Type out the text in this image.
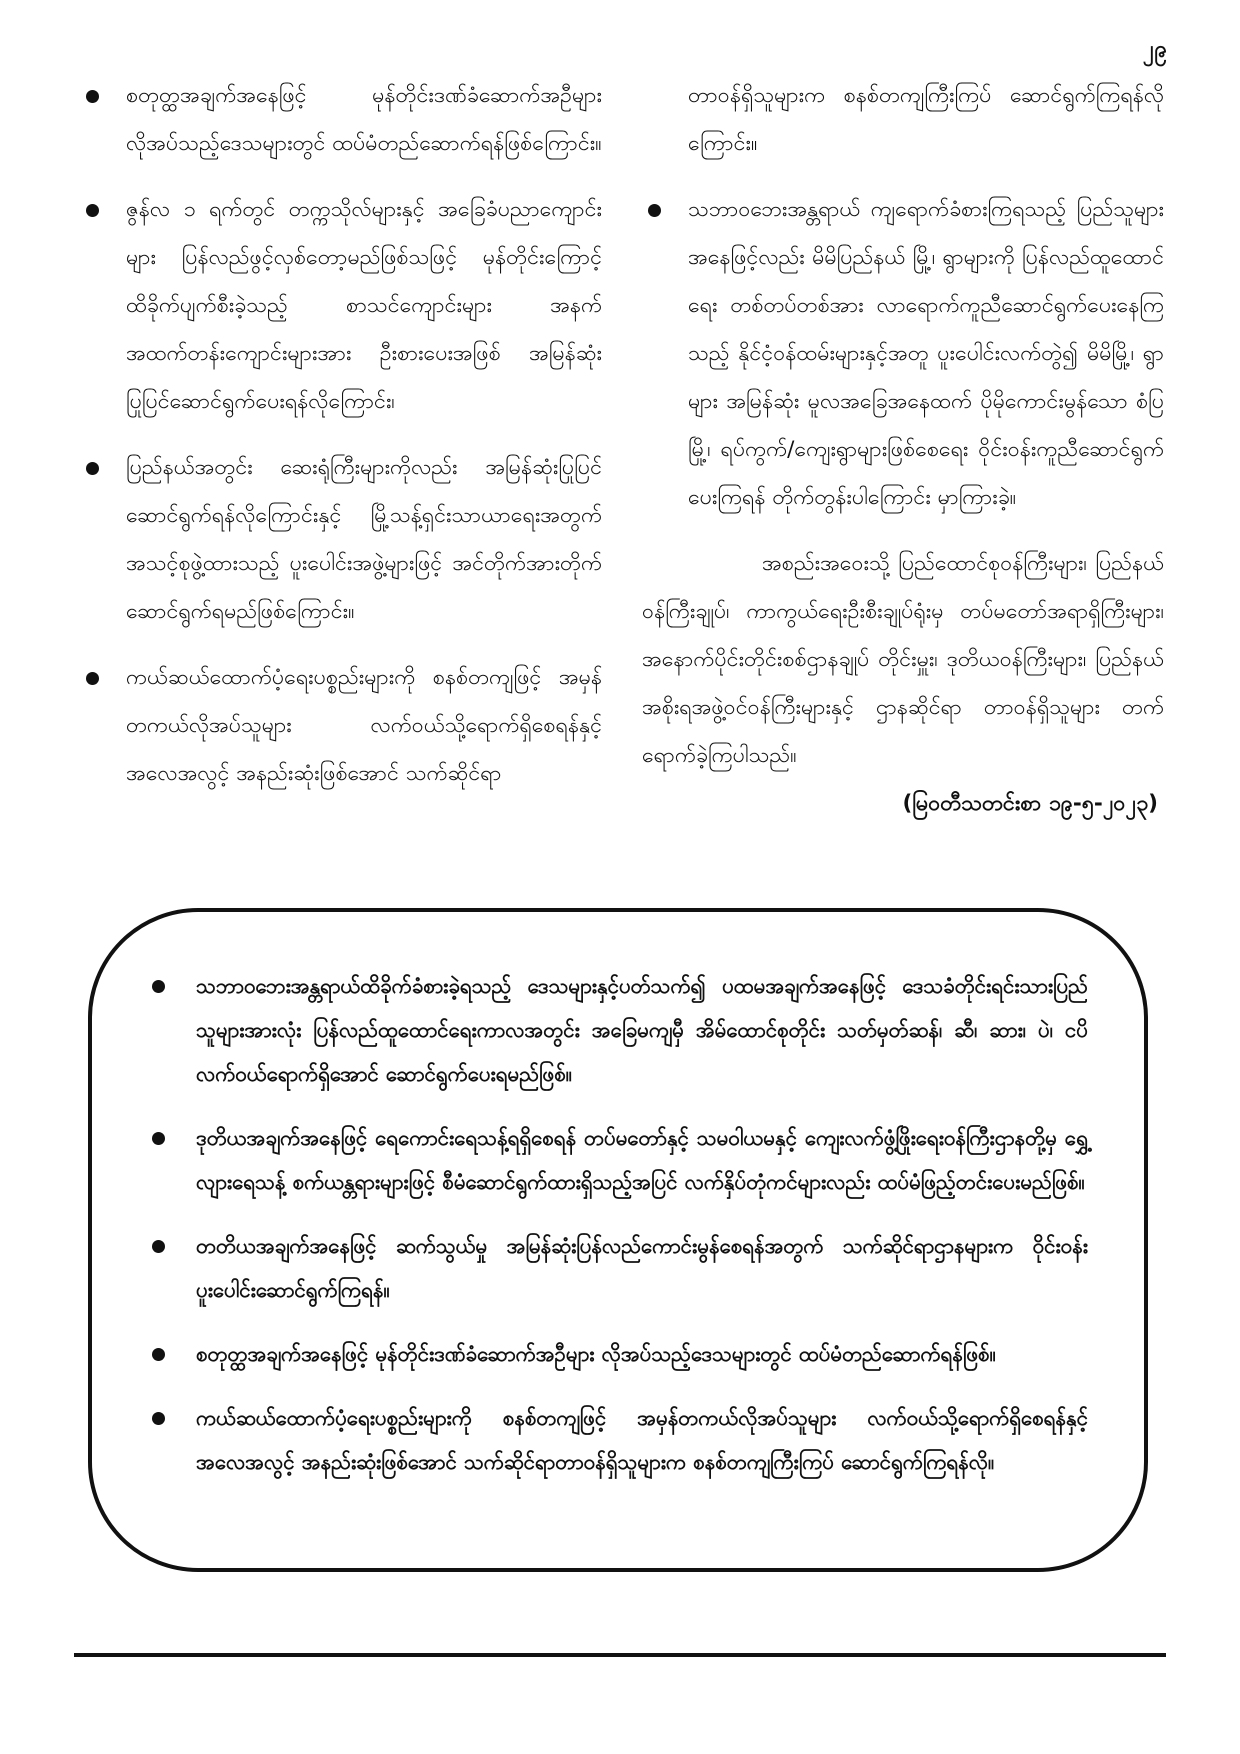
၂၉
စတုတ္ထအချက်အနေဖြင့် မုန်တိုင်းဒဏ်ခံဆောက်အဦများ လိုအပ်သည့်ဒေသများတွင် ထပ်မံတည်ဆောက်ရန်ဖြစ်ကြောင်း။
ဇွန်လ ၁ ရက်တွင် တက္ကသိုလ်များနှင့် အခြေခံပညာကျောင်းများ ပြန်လည်ဖွင့်လှစ်တော့မည်ဖြစ်သဖြင့် မုန်တိုင်းကြောင့် ထိခိုက်ပျက်စီးခဲ့သည့် စာသင်ကျောင်းများ အနက် အထက်တန်းကျောင်းများအား ဦးစားပေးအဖြစ် အမြန်ဆုံးပြုပြင်ဆောင်ရွက်ပေးရန်လိုကြောင်း၊
ပြည်နယ်အတွင်း ဆေးရုံကြီးများကိုလည်း အမြန်ဆုံးပြုပြင်ဆောင်ရွက်ရန်လိုကြောင်းနှင့် မြို့သန့်ရှင်းသာယာရေးအတွက် အသင့်စုဖွဲ့ထားသည့် ပူးပေါင်းအဖွဲ့များဖြင့် အင်တိုက်အားတိုက် ဆောင်ရွက်ရမည်ဖြစ်ကြောင်း။
ကယ်ဆယ်ထောက်ပံ့ရေးပစ္စည်းများကို စနစ်တကျဖြင့် အမှန်တကယ်လိုအပ်သူများ လက်ဝယ်သို့ရောက်ရှိစေရန်နှင့် အလေအလွင့် အနည်းဆုံးဖြစ်အောင် သက်ဆိုင်ရာ
တာဝန်ရှိသူများက စနစ်တကျကြီးကြပ် ဆောင်ရွက်ကြရန်လိုကြောင်း။
သဘာဝဘေးအန္တရာယ် ကျရောက်ခံစားကြရသည့် ပြည်သူများအနေဖြင့်လည်း မိမိပြည်နယ် မြို့၊ ရွာများကို ပြန်လည်ထူထောင်ရေး တစ်တပ်တစ်အား လာရောက်ကူညီဆောင်ရွက်ပေးနေကြသည့် နိုင်ငံ့ဝန်ထမ်းများနှင့်အတူ ပူးပေါင်းလက်တွဲ၍ မိမိမြို့၊ ရွာများ အမြန်ဆုံး မူလအခြေအနေထက် ပိုမိုကောင်းမွန်သော စံပြမြို့၊ ရပ်ကွက်/ကျေးရွာများဖြစ်စေရေး ဝိုင်းဝန်းကူညီဆောင်ရွက်ပေးကြရန် တိုက်တွန်းပါကြောင်း မှာကြားခဲ့။

အစည်းအဝေးသို့ ပြည်ထောင်စုဝန်ကြီးများ၊ ပြည်နယ်ဝန်ကြီးချုပ်၊ ကာကွယ်ရေးဦးစီးချုပ်ရုံးမှ တပ်မတော်အရာရှိကြီးများ၊ အနောက်ပိုင်းတိုင်းစစ်ဌာနချုပ် တိုင်းမှူး၊ ဒုတိယဝန်ကြီးများ၊ ပြည်နယ်အစိုးရအဖွဲ့ဝင်ဝန်ကြီးများနှင့် ဌာနဆိုင်ရာ တာဝန်ရှိသူများ တက်ရောက်ခဲ့ကြပါသည်။

(မြဝတီသတင်းစာ ၁၉-၅-၂၀၂၃)

သဘာဝဘေးအန္တရာယ်ထိခိုက်ခံစားခဲ့ရသည့် ဒေသများနှင့်ပတ်သက်၍ ပထမအချက်အနေဖြင့် ဒေသခံတိုင်းရင်းသားပြည်သူများအားလုံး ပြန်လည်ထူထောင်ရေးကာလအတွင်း အခြေမကျမှီ အိမ်ထောင်စုတိုင်း သတ်မှတ်ဆန်၊ ဆီ၊ ဆား၊ ပဲ၊ ငပိ လက်ဝယ်ရောက်ရှိအောင် ဆောင်ရွက်ပေးရမည်ဖြစ်။
ဒုတိယအချက်အနေဖြင့် ရေကောင်းရေသန့်ရရှိစေရန် တပ်မတော်နှင့် သမဝါယမနှင့် ကျေးလက်ဖွံ့ဖြိုးရေးဝန်ကြီးဌာနတို့မှ ရွှေ့လျားရေသန့် စက်ယန္တရားများဖြင့် စီမံဆောင်ရွက်ထားရှိသည့်အပြင် လက်နှိပ်တုံကင်များလည်း ထပ်မံဖြည့်တင်းပေးမည်ဖြစ်။
တတိယအချက်အနေဖြင့် ဆက်သွယ်မှု အမြန်ဆုံးပြန်လည်ကောင်းမွန်စေရန်အတွက် သက်ဆိုင်ရာဌာနများက ဝိုင်းဝန်းပူးပေါင်းဆောင်ရွက်ကြရန်။
စတုတ္ထအချက်အနေဖြင့် မုန်တိုင်းဒဏ်ခံဆောက်အဦများ လိုအပ်သည့်ဒေသများတွင် ထပ်မံတည်ဆောက်ရန်ဖြစ်။
ကယ်ဆယ်ထောက်ပံ့ရေးပစ္စည်းများကို စနစ်တကျဖြင့် အမှန်တကယ်လိုအပ်သူများ လက်ဝယ်သို့ရောက်ရှိစေရန်နှင့် အလေအလွင့် အနည်းဆုံးဖြစ်အောင် သက်ဆိုင်ရာတာဝန်ရှိသူများက စနစ်တကျကြီးကြပ် ဆောင်ရွက်ကြရန်လို။
